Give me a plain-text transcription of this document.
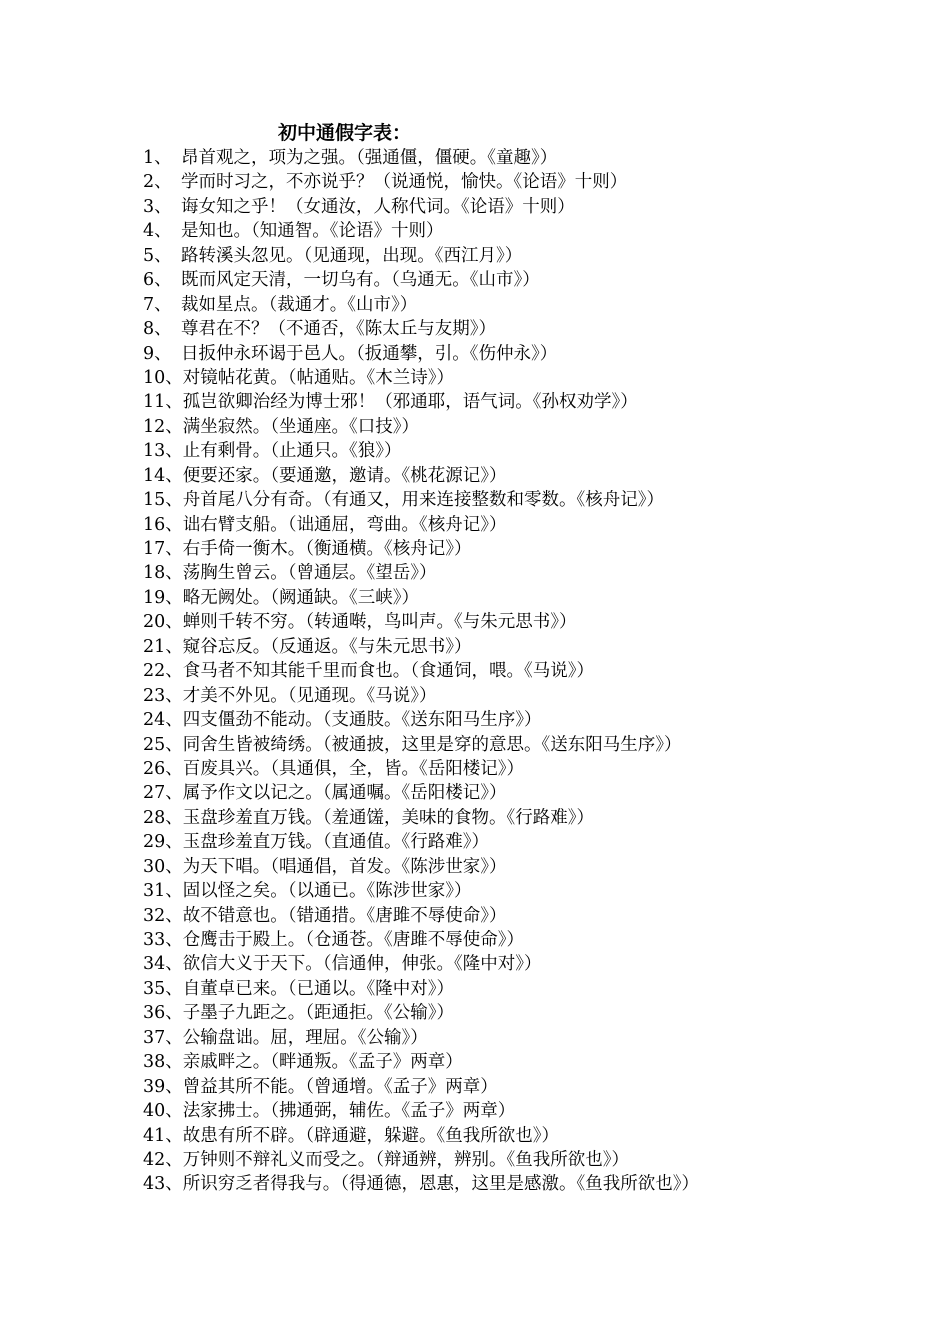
初中通假字表：
1、 昂首观之，项为之强。（强通僵，僵硬。《童趣》）
2、 学而时习之，不亦说乎？（说通悦，愉快。《论语》十则）
3、 诲女知之乎！（女通汝，人称代词。《论语》十则）
4、 是知也。（知通智。《论语》十则）
5、 路转溪头忽见。（见通现，出现。《西江月》）
6、 既而风定天清，一切乌有。（乌通无。《山市》）
7、 裁如星点。（裁通才。《山市》）
8、 尊君在不？（不通否，《陈太丘与友期》）
9、 日扳仲永环谒于邑人。（扳通攀，引。《伤仲永》）
10、 对镜帖花黄。（帖通贴。《木兰诗》）
11、 孤岂欲卿治经为博士邪！（邪通耶，语气词。《孙权劝学》）
12、 满坐寂然。（坐通座。《口技》）
13、 止有剩骨。（止通只。《狼》）
14、 便要还家。（要通邀，邀请。《桃花源记》）
15、 舟首尾八分有奇。（有通又，用来连接整数和零数。《核舟记》）
16、 诎右臂支船。（诎通屈，弯曲。《核舟记》）
17、 右手倚一衡木。（衡通横。《核舟记》）
18、 荡胸生曾云。（曾通层。《望岳》）
19、 略无阙处。（阙通缺。《三峡》）
20、 蝉则千转不穷。（转通啭，鸟叫声。《与朱元思书》）
21、 窥谷忘反。（反通返。《与朱元思书》）
22、 食马者不知其能千里而食也。（食通饲，喂。《马说》）
23、 才美不外见。（见通现。《马说》）
24、 四支僵劲不能动。（支通肢。《送东阳马生序》）
25、 同舍生皆被绮绣。（被通披，这里是穿的意思。《送东阳马生序》）
26、 百废具兴。（具通俱，全，皆。《岳阳楼记》）
27、 属予作文以记之。（属通嘱。《岳阳楼记》）
28、 玉盘珍羞直万钱。（羞通馐，美味的食物。《行路难》）
29、 玉盘珍羞直万钱。（直通值。《行路难》）
30、 为天下唱。（唱通倡，首发。《陈涉世家》）
31、 固以怪之矣。（以通已。《陈涉世家》）
32、 故不错意也。（错通措。《唐雎不辱使命》）
33、 仓鹰击于殿上。（仓通苍。《唐雎不辱使命》）
34、 欲信大义于天下。（信通伸，伸张。《隆中对》）
35、 自董卓已来。（已通以。《隆中对》）
36、 子墨子九距之。（距通拒。《公输》）
37、 公输盘诎。屈，理屈。《公输》）
38、 亲戚畔之。（畔通叛。《孟子》两章）
39、 曾益其所不能。（曾通增。《孟子》两章）
40、 法家拂士。（拂通弼，辅佐。《孟子》两章）
41、 故患有所不辟。（辟通避，躲避。《鱼我所欲也》）
42、 万钟则不辩礼义而受之。（辩通辨，辨别。《鱼我所欲也》）
43、 所识穷乏者得我与。（得通德，恩惠，这里是感激。《鱼我所欲也》）
